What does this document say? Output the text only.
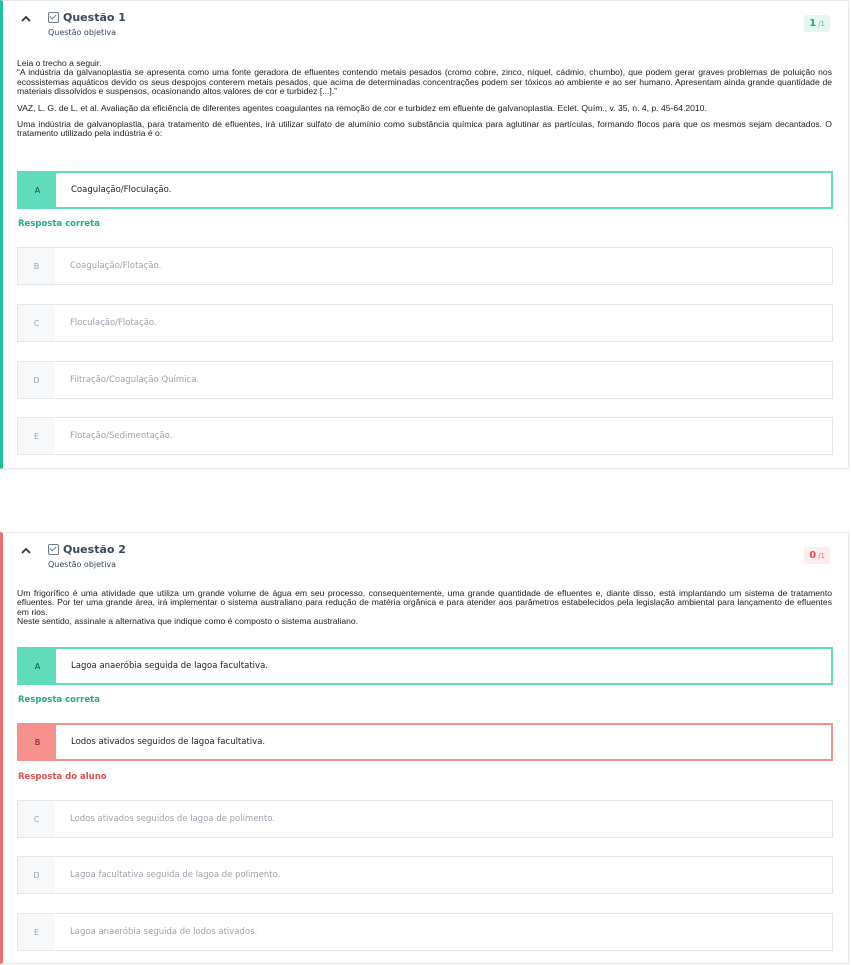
Questão 1
Questão objetiva
1 /1

Leia o trecho a seguir.

“A indústria da galvanoplastia se apresenta como uma fonte geradora de efluentes contendo metais pesados (cromo cobre, zinco, níquel, cádmio, chumbo), que podem gerar graves problemas de poluição nos ecossistemas aquáticos devido os seus despojos conterem metais pesados, que acima de determinadas concentrações podem ser tóxicos ao ambiente e ao ser humano. Apresentam ainda grande quantidade de materiais dissolvidos e suspensos, ocasionando altos valores de cor e turbidez [...].”

VAZ, L. G. de L. et al. Avaliação da eficiência de diferentes agentes coagulantes na remoção de cor e turbidez em efluente de galvanoplastia. Eclet. Quím., v. 35, n. 4, p. 45-64.2010.

Uma indústria de galvanoplastia, para tratamento de efluentes, irá utilizar sulfato de alumínio como substância química para aglutinar as partículas, formando flocos para que os mesmos sejam decantados. O tratamento utilizado pela indústria é o:

A	Coagulação/Floculação.
Resposta correta
B	Coagulação/Flotação.
C	Floculação/Flotação.
D	Filtração/Coagulação Química.
E	Flotação/Sedimentação.
Questão 2
Questão objetiva
0 /1

Um frigorífico é uma atividade que utiliza um grande volume de água em seu processo, consequentemente, uma grande quantidade de efluentes e, diante disso, está implantando um sistema de tratamento efluentes. Por ter uma grande área, irá implementar o sistema australiano para redução de matéria orgânica e para atender aos parâmetros estabelecidos pela legislação ambiental para lançamento de efluentes em rios.

Neste sentido, assinale a alternativa que indique como é composto o sistema australiano.

A	Lagoa anaeróbia seguida de lagoa facultativa.
Resposta correta
B	Lodos ativados seguidos de lagoa facultativa.
Resposta do aluno
C	Lodos ativados seguidos de lagoa de polimento.
D	Lagoa facultativa seguida de lagoa de polimento.
E	Lagoa anaeróbia seguida de lodos ativados.
